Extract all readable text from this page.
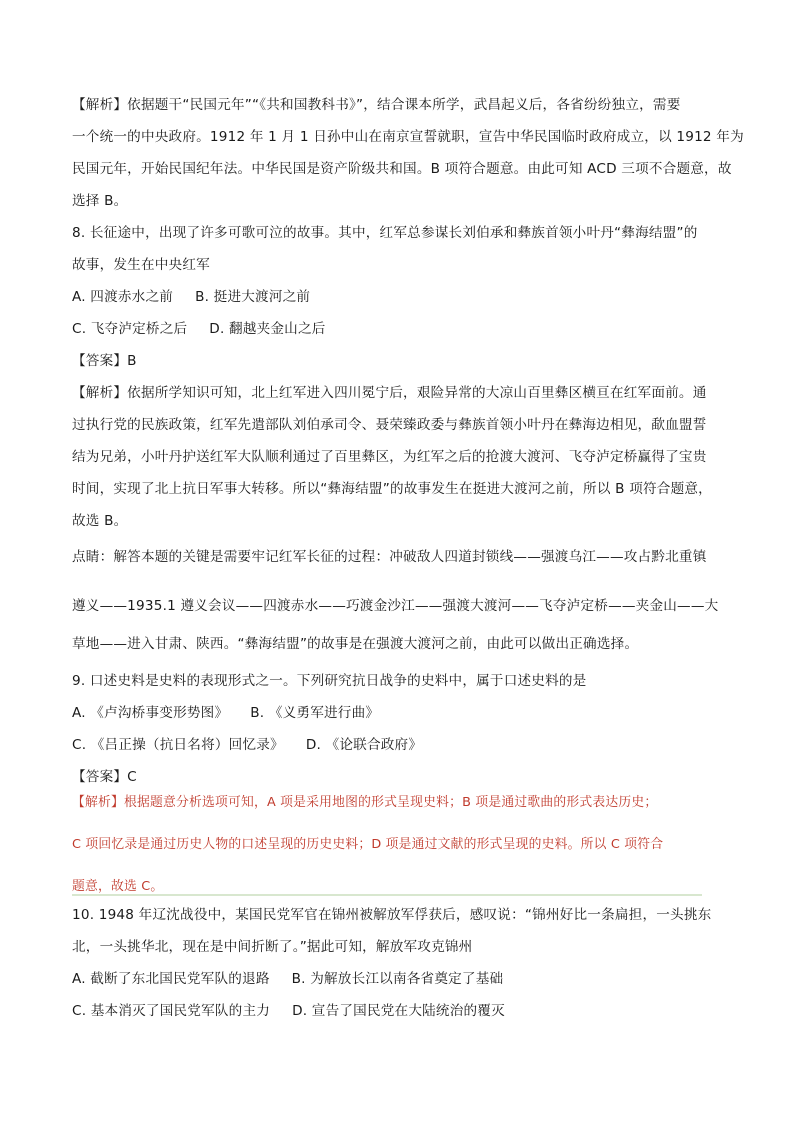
【解析】依据题干“民国元年”“《共和国教科书》”，结合课本所学，武昌起义后，各省纷纷独立，需要
一个统一的中央政府。1912 年 1 月 1 日孙中山在南京宣誓就职，宣告中华民国临时政府成立，以 1912 年为
民国元年，开始民国纪年法。中华民国是资产阶级共和国。B 项符合题意。由此可知 ACD 三项不合题意，故
选择 B。
8. 长征途中，出现了许多可歌可泣的故事。其中，红军总参谋长刘伯承和彝族首领小叶丹“彝海结盟”的
故事，发生在中央红军
A. 四渡赤水之前 B. 挺进大渡河之前
C. 飞夺泸定桥之后 D. 翻越夹金山之后
【答案】B
【解析】依据所学知识可知，北上红军进入四川冕宁后，艰险异常的大凉山百里彝区横亘在红军面前。通
过执行党的民族政策，红军先遣部队刘伯承司令、聂荣臻政委与彝族首领小叶丹在彝海边相见，歃血盟誓
结为兄弟，小叶丹护送红军大队顺利通过了百里彝区，为红军之后的抢渡大渡河、飞夺泸定桥赢得了宝贵
时间，实现了北上抗日军事大转移。所以“彝海结盟”的故事发生在挺进大渡河之前，所以 B 项符合题意，
故选 B。
点睛：解答本题的关键是需要牢记红军长征的过程：冲破敌人四道封锁线——强渡乌江——攻占黔北重镇
遵义——1935.1 遵义会议——四渡赤水——巧渡金沙江——强渡大渡河——飞夺泸定桥——夹金山——大
草地——进入甘肃、陕西。“彝海结盟”的故事是在强渡大渡河之前，由此可以做出正确选择。
9. 口述史料是史料的表现形式之一。下列研究抗日战争的史料中，属于口述史料的是
A. 《卢沟桥事变形势图》 B. 《义勇军进行曲》
C. 《吕正操（抗日名将）回忆录》 D. 《论联合政府》
【答案】C
【解析】根据题意分析选项可知，A 项是采用地图的形式呈现史料；B 项是通过歌曲的形式表达历史；
C 项回忆录是通过历史人物的口述呈现的历史史料；D 项是通过文献的形式呈现的史料。所以 C 项符合
题意，故选 C。
10. 1948 年辽沈战役中，某国民党军官在锦州被解放军俘获后，感叹说：“锦州好比一条扁担，一头挑东
北，一头挑华北，现在是中间折断了。”据此可知，解放军攻克锦州
A. 截断了东北国民党军队的退路 B. 为解放长江以南各省奠定了基础
C. 基本消灭了国民党军队的主力 D. 宣告了国民党在大陆统治的覆灭
